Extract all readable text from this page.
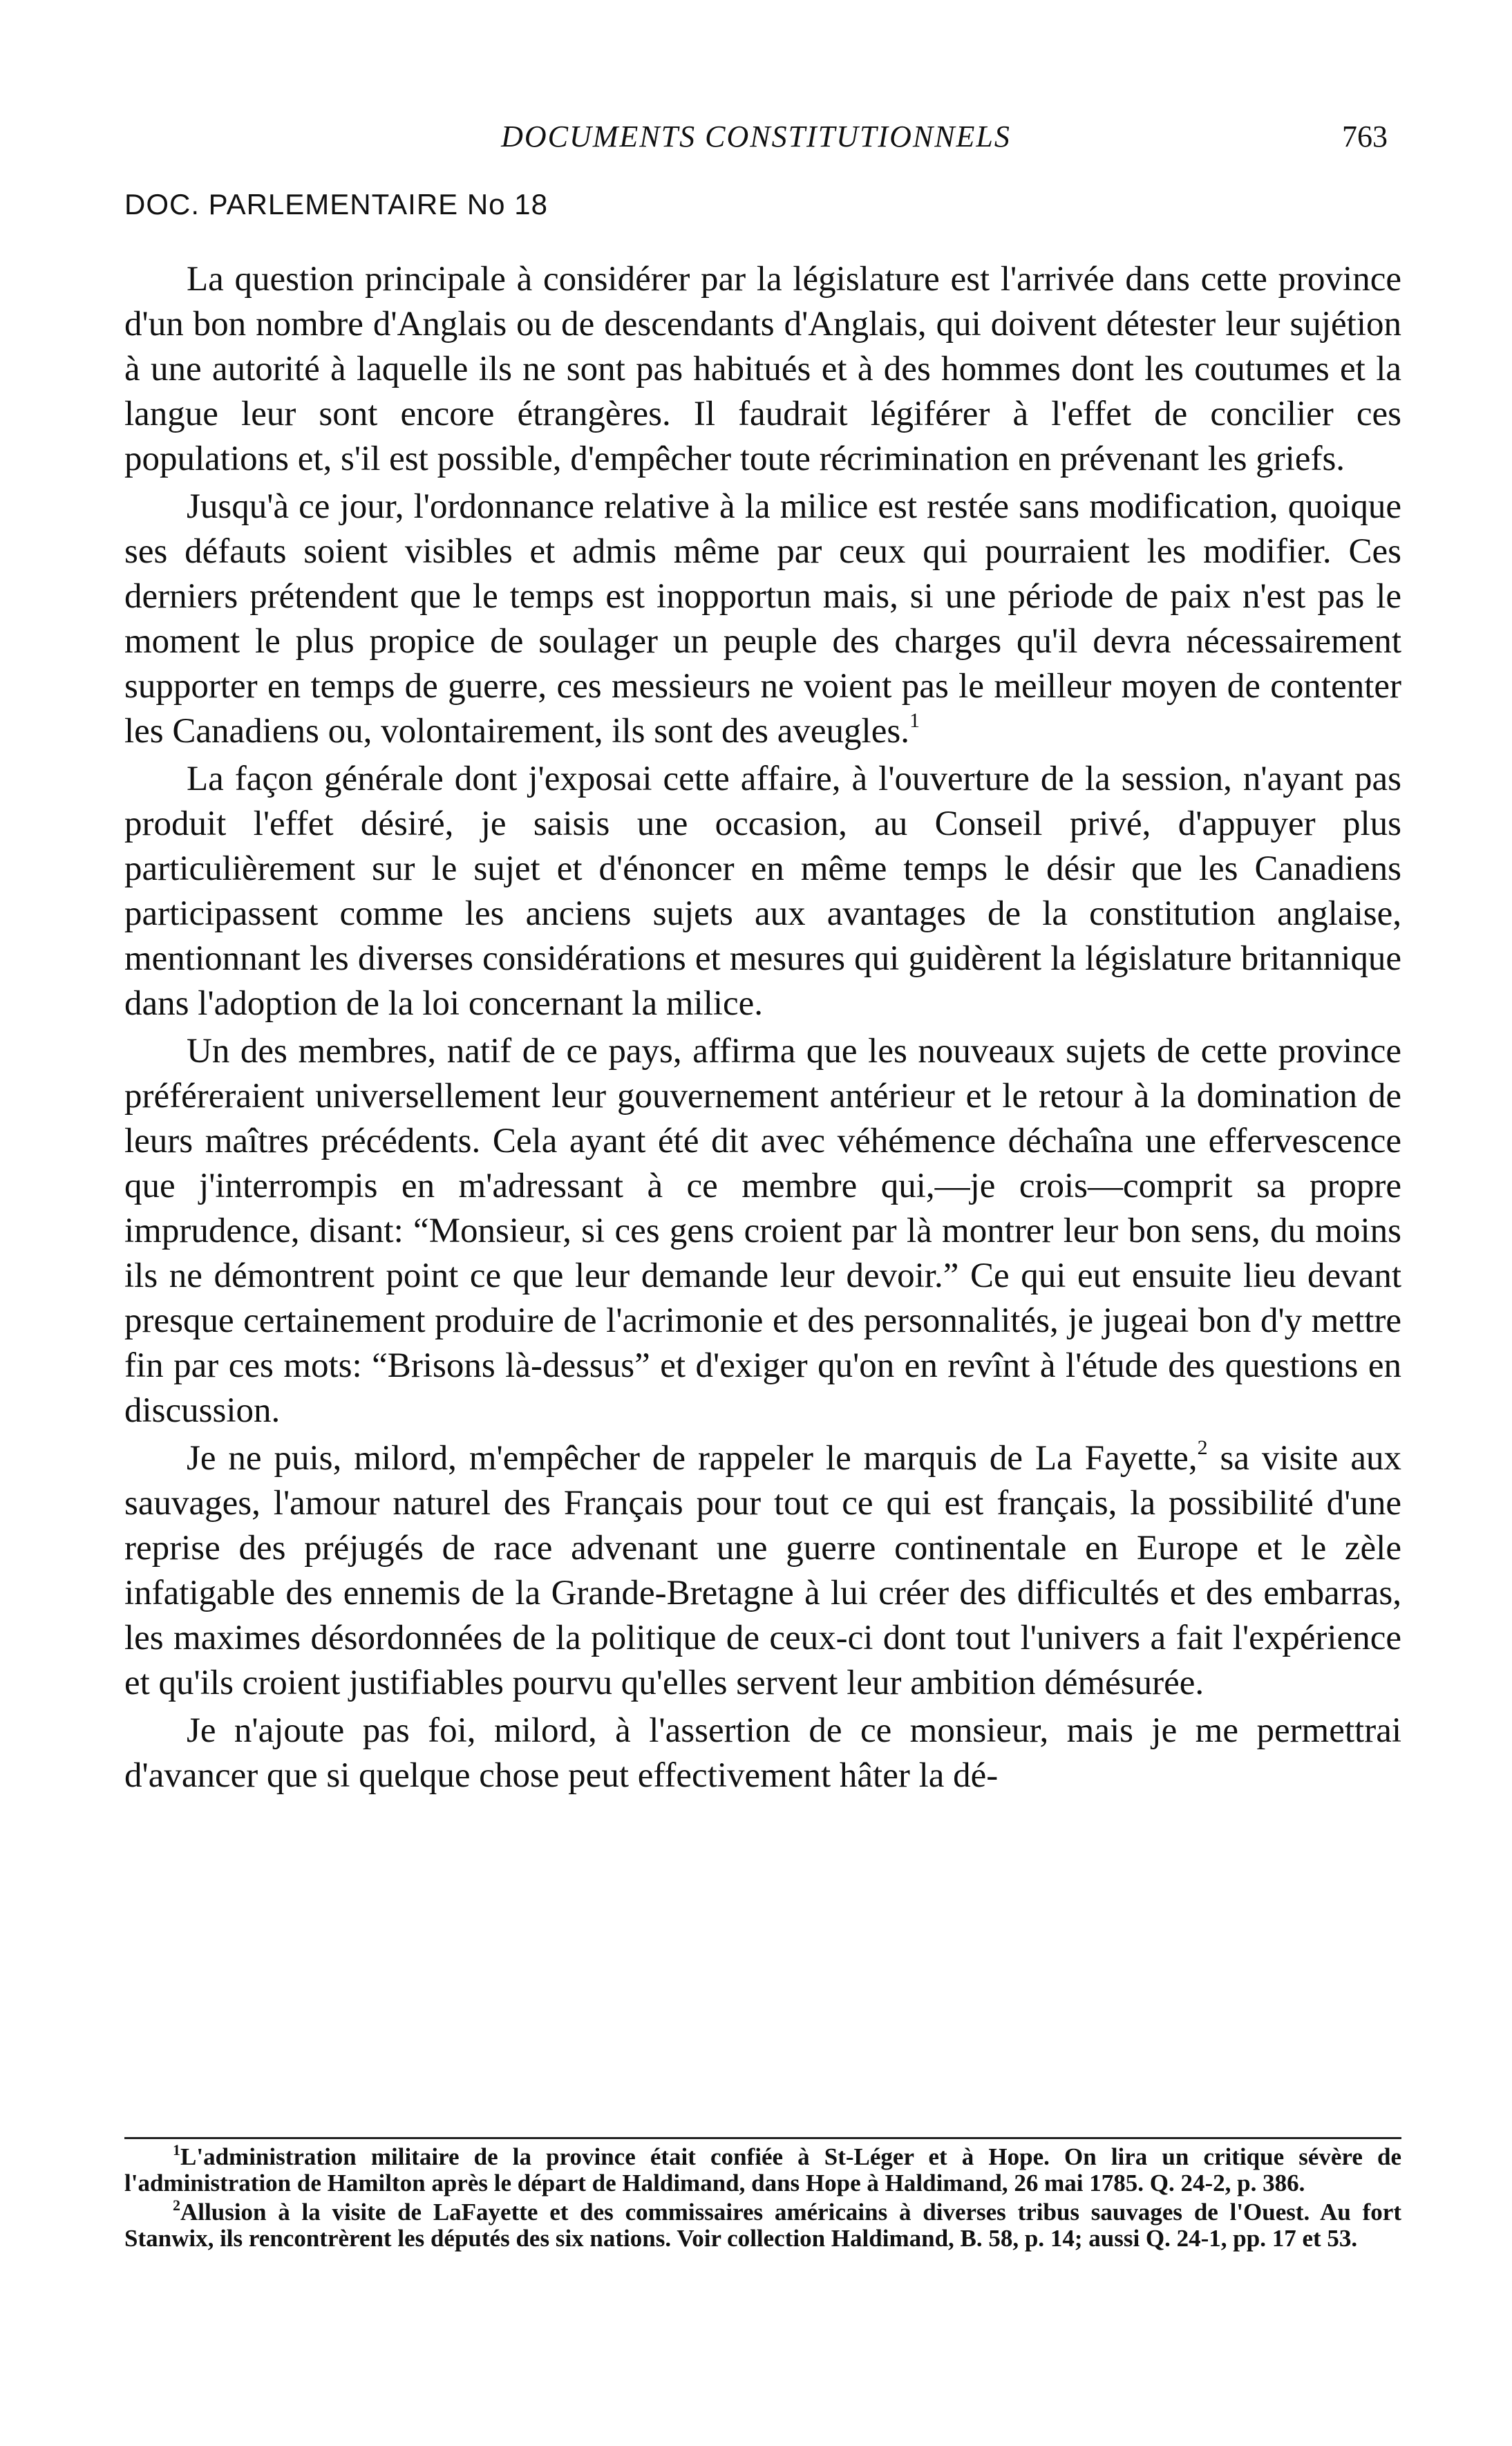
DOCUMENTS CONSTITUTIONNELS	763
DOC. PARLEMENTAIRE No 18

La question principale à considérer par la législature est l'arrivée dans cette province d'un bon nombre d'Anglais ou de descendants d'Anglais, qui doivent détester leur sujétion à une autorité à laquelle ils ne sont pas habitués et à des hommes dont les coutumes et la langue leur sont encore étrangères. Il faudrait légiférer à l'effet de concilier ces populations et, s'il est possible, d'empêcher toute récrimination en prévenant les griefs.

Jusqu'à ce jour, l'ordonnance relative à la milice est restée sans modification, quoique ses défauts soient visibles et admis même par ceux qui pourraient les modifier. Ces derniers prétendent que le temps est inopportun mais, si une période de paix n'est pas le moment le plus propice de soulager un peuple des charges qu'il devra nécessairement supporter en temps de guerre, ces messieurs ne voient pas le meilleur moyen de contenter les Canadiens ou, volontairement, ils sont des aveugles.$^1$

La façon générale dont j'exposai cette affaire, à l'ouverture de la session, n'ayant pas produit l'effet désiré, je saisis une occasion, au Conseil privé, d'appuyer plus particulièrement sur le sujet et d'énoncer en même temps le désir que les Canadiens participassent comme les anciens sujets aux avantages de la constitution anglaise, mentionnant les diverses considérations et mesures qui guidèrent la législature britannique dans l'adoption de la loi concernant la milice.

Un des membres, natif de ce pays, affirma que les nouveaux sujets de cette province préféreraient universellement leur gouvernement antérieur et le retour à la domination de leurs maîtres précédents. Cela ayant été dit avec véhémence déchaîna une effervescence que j'interrompis en m'adressant à ce membre qui,—je crois—comprit sa propre imprudence, disant: “Monsieur, si ces gens croient par là montrer leur bon sens, du moins ils ne démontrent point ce que leur demande leur devoir.” Ce qui eut ensuite lieu devant presque certainement produire de l'acrimonie et des personnalités, je jugeai bon d'y mettre fin par ces mots: “Brisons là-dessus” et d'exiger qu'on en revînt à l'étude des questions en discussion.

Je ne puis, milord, m'empêcher de rappeler le marquis de La Fayette,$^2$ sa visite aux sauvages, l'amour naturel des Français pour tout ce qui est français, la possibilité d'une reprise des préjugés de race advenant une guerre continentale en Europe et le zèle infatigable des ennemis de la Grande-Bretagne à lui créer des difficultés et des embarras, les maximes désordonnées de la politique de ceux-ci dont tout l'univers a fait l'expérience et qu'ils croient justifiables pourvu qu'elles servent leur ambition démésurée.

Je n'ajoute pas foi, milord, à l'assertion de ce monsieur, mais je me permettrai d'avancer que si quelque chose peut effectivement hâter la dé-

$^1$L'administration militaire de la province était confiée à St-Léger et à Hope. On lira un critique sévère de l'administration de Hamilton après le départ de Haldimand, dans Hope à Haldimand, 26 mai 1785. Q. 24-2, p. 386.

$^2$Allusion à la visite de LaFayette et des commissaires américains à diverses tribus sauvages de l'Ouest. Au fort Stanwix, ils rencontrèrent les députés des six nations. Voir collection Haldimand, B. 58, p. 14; aussi Q. 24-1, pp. 17 et 53.
